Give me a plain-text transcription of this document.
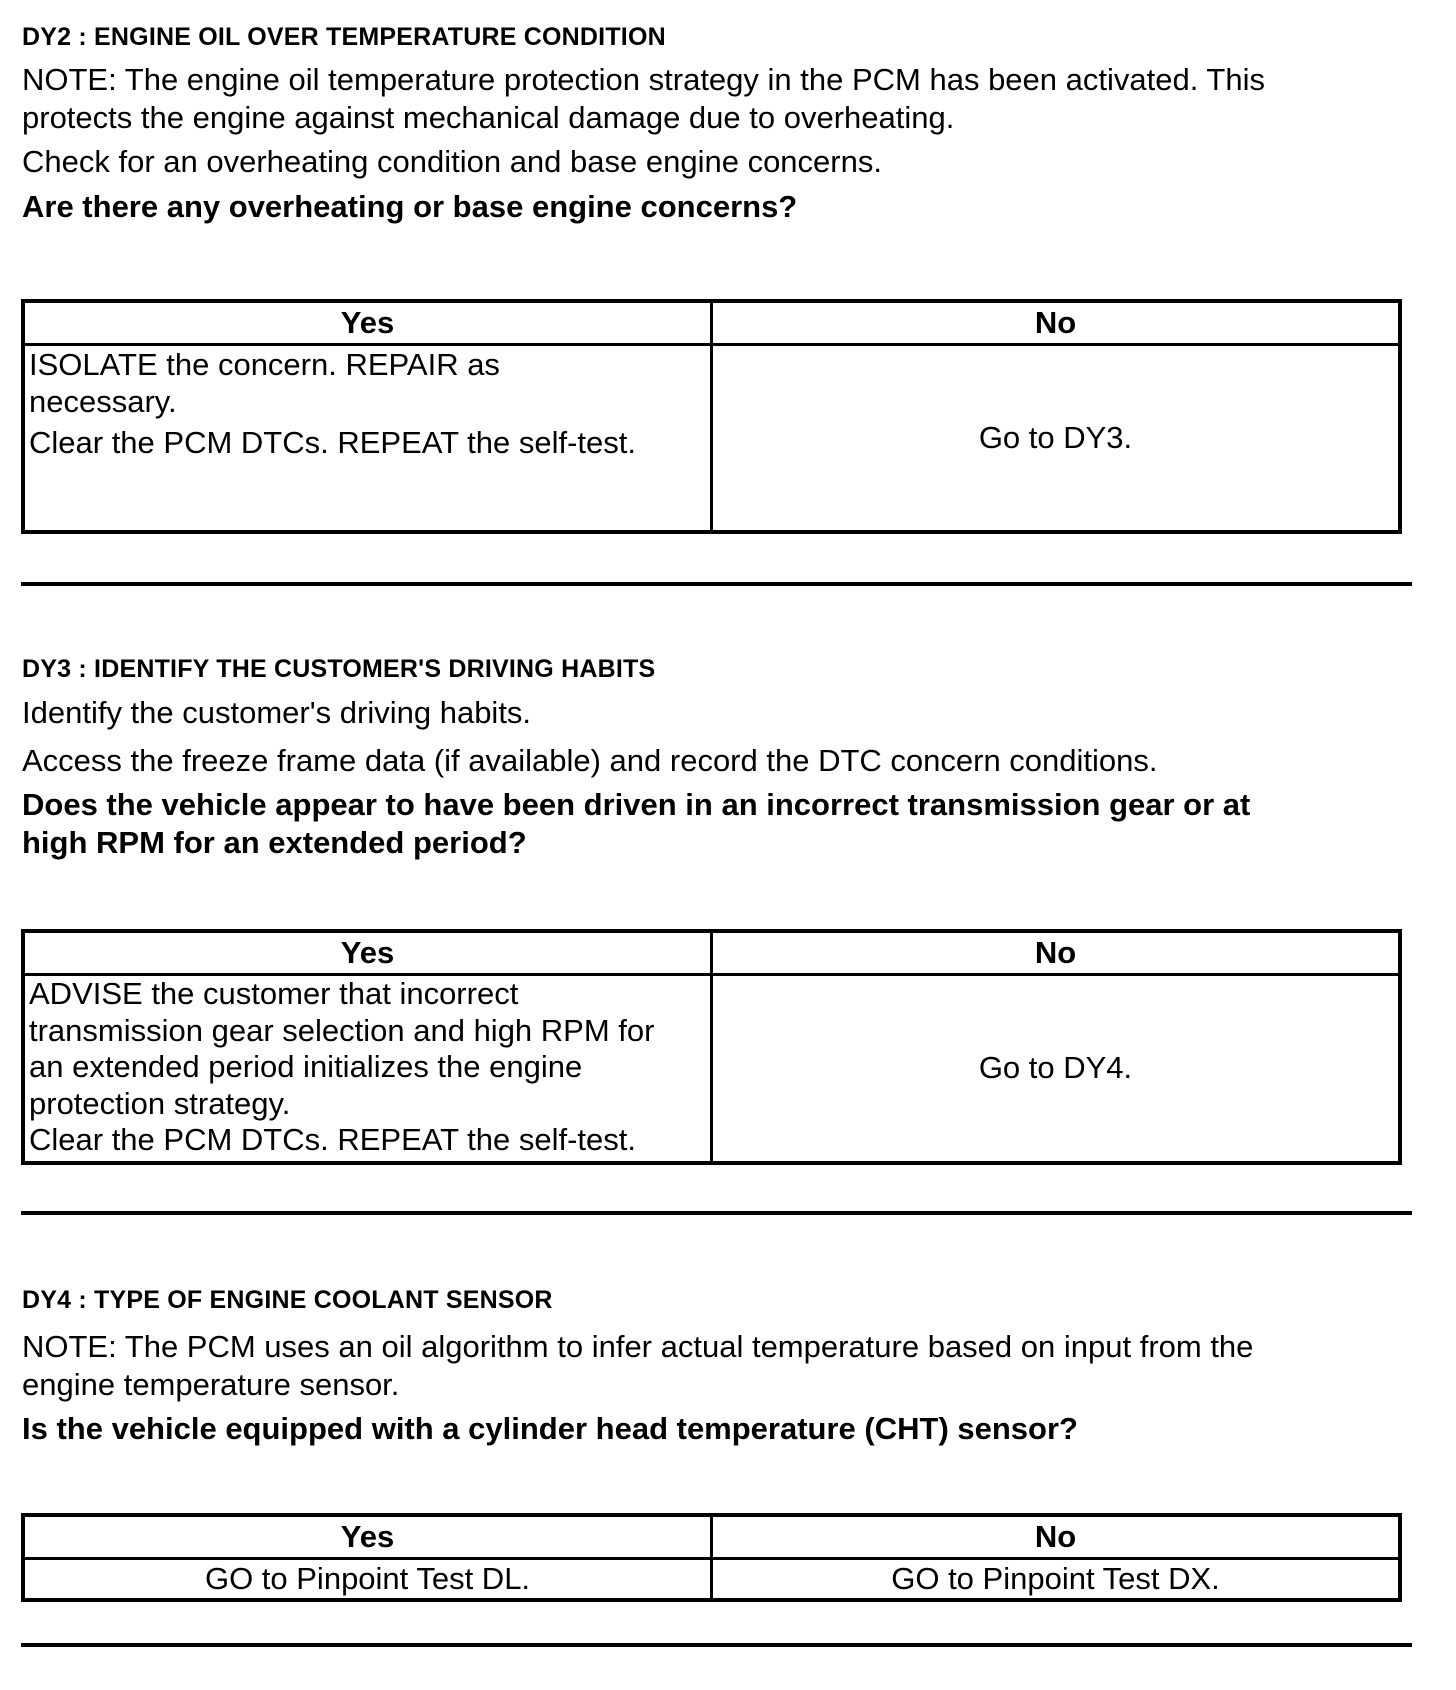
DY2 : ENGINE OIL OVER TEMPERATURE CONDITION

NOTE: The engine oil temperature protection strategy in the PCM has been activated. This
protects the engine against mechanical damage due to overheating.

Check for an overheating condition and base engine concerns.

Are there any overheating or base engine concerns?

Yes	No

ISOLATE the concern. REPAIR as
necessary.
Clear the PCM DTCs. REPEAT the self-test.	Go to DY3.

DY3 : IDENTIFY THE CUSTOMER'S DRIVING HABITS

Identify the customer's driving habits.

Access the freeze frame data (if available) and record the DTC concern conditions.

Does the vehicle appear to have been driven in an incorrect transmission gear or at
high RPM for an extended period?

Yes	No

ADVISE the customer that incorrect
transmission gear selection and high RPM for
an extended period initializes the engine
protection strategy.
Clear the PCM DTCs. REPEAT the self-test.	Go to DY4.

DY4 : TYPE OF ENGINE COOLANT SENSOR

NOTE: The PCM uses an oil algorithm to infer actual temperature based on input from the
engine temperature sensor.

Is the vehicle equipped with a cylinder head temperature (CHT) sensor?

Yes	No
GO to Pinpoint Test DL.	GO to Pinpoint Test DX.
